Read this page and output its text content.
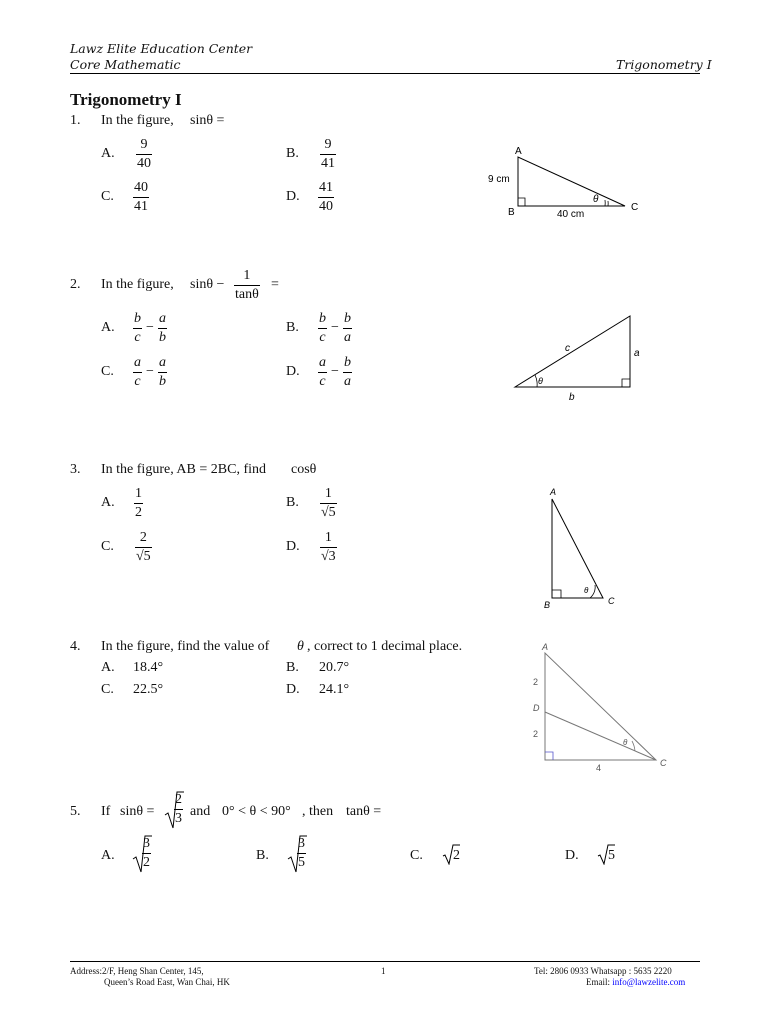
Lawz Elite Education Center
Core Mathematic	Trigonometry I
Trigonometry I
1. In the figure, sinθ =
A.
9
40
B.
9
41
C.
40
41
D.
41
40
A
B	C
9 cm
40 cm
θ
2. In the figure, sinθ −
1
tanθ
=
A.
b
c
−
a
b
B.
b
c
−
b
a
C.
a
c
−
a
b
D.
a
c
−
b
a
c	a
b
θ
3. In the figure, AB = 2BC, find cosθ
A.
1
2
B.
1
√5
C.
2
√5
D.
1
√3
A
B	C
θ
4. In the figure, find the value of θ , correct to 1 decimal place.
A. 18.4°	B. 20.7°
C. 22.5°	D. 24.1°
A
D
C
2
2
4
θ
5. If sinθ =
2
3 and 0° < θ < 90° , then tanθ =
A.
3
2	B.
3
5	C. 2	D. 5
Address:2/F, Heng Shan Center, 145,
Queen’s Road East, Wan Chai, HK
1	Tel: 2806 0933 Whatsapp : 5635 2220
Email: info@lawzelite.com
